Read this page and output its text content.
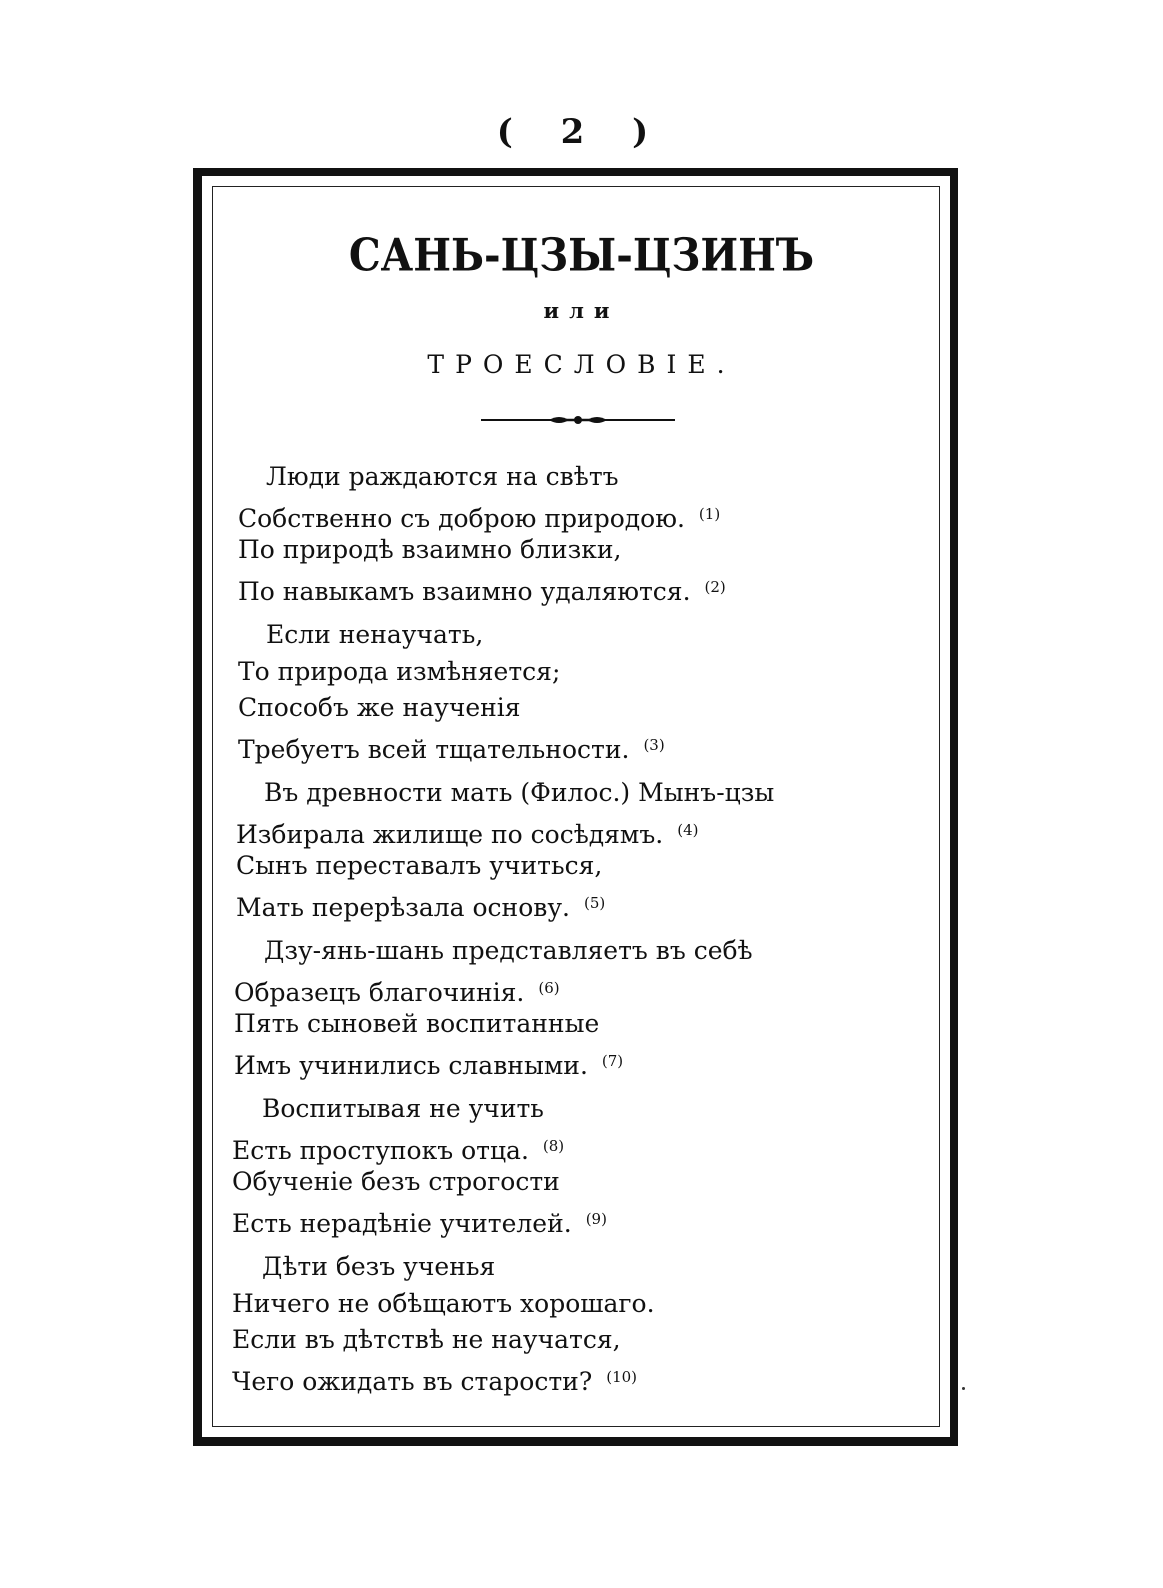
( 2 )
САНЬ-ЦЗЫ-ЦЗИНЪ
или
ТРОЕСЛОВІЕ.
Люди раждаются на свѣтъ
Собственно съ доброю природою. $^{(1)}$
По природѣ взаимно близки,
По навыкамъ взаимно удаляются. $^{(2)}$
Если ненаучать,
То природа измѣняется;
Способъ же наученія
Требуетъ всей тщательности. $^{(3)}$
Въ древности мать (Филос.) Мынъ-цзы
Избирала жилище по сосѣдямъ. $^{(4)}$
Сынъ переставалъ учиться,
Мать перерѣзала основу. $^{(5)}$
Дзу-янь-шань представляетъ въ себѣ
Образецъ благочинія. $^{(6)}$
Пять сыновей воспитанные
Имъ учинились славными. $^{(7)}$
Воспитывая не учить
Есть проступокъ отца. $^{(8)}$
Обученіе безъ строгости
Есть нерадѣніе учителей. $^{(9)}$
Дѣти безъ ученья
Ничего не обѣщаютъ хорошаго.
Если въ дѣтствѣ не научатся,
Чего ожидать въ старости? $^{(10)}$
